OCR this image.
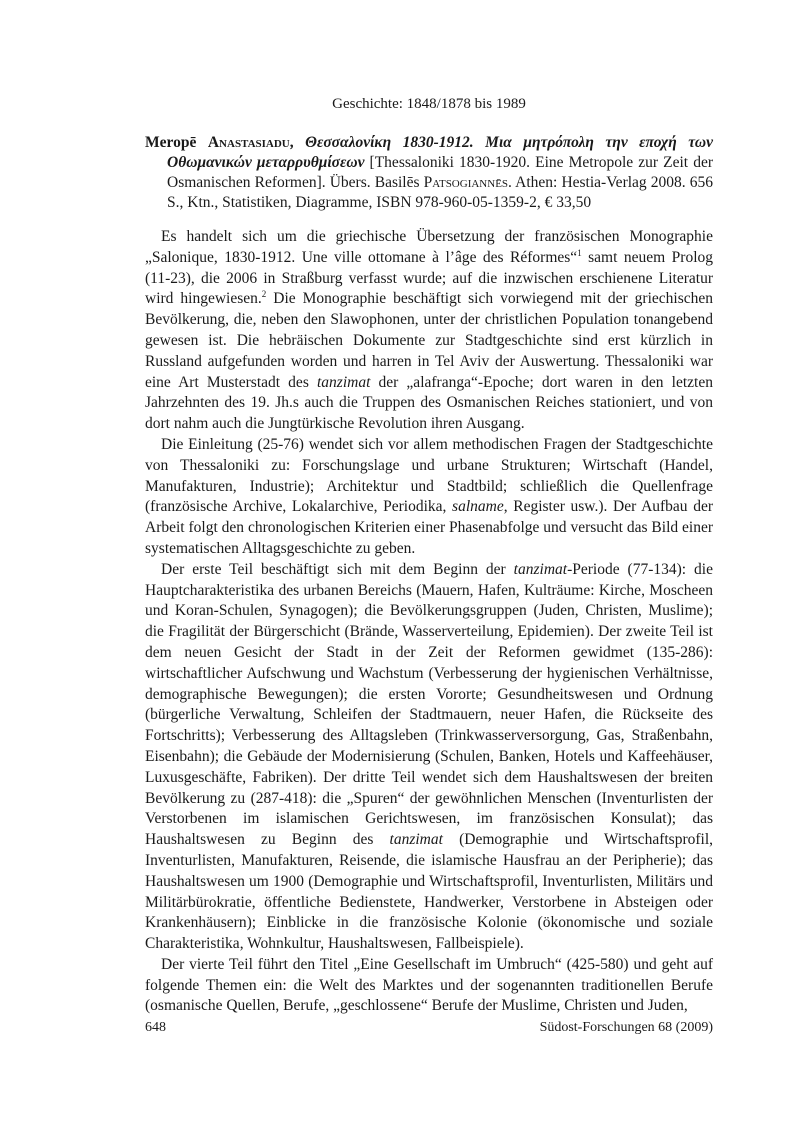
Geschichte: 1848/1878 bis 1989

Meropē Anastasiadu, Θεσσαλονίκη 1830-1912. Μια μητρόπολη την εποχή των Οθωμανικών μεταρρυθμίσεων [Thessaloniki 1830-1920. Eine Metropole zur Zeit der Osmanischen Reformen]. Übers. Basilēs Patsogiannēs. Athen: Hestia-Verlag 2008. 656 S., Ktn., Statistiken, Diagramme, ISBN 978-960-05-1359-2, € 33,50

Es handelt sich um die griechische Übersetzung der französischen Monographie „Salonique, 1830-1912. Une ville ottomane à l’âge des Réformes“$^1$ samt neuem Prolog (11-23), die 2006 in Straßburg verfasst wurde; auf die inzwischen erschienene Literatur wird hingewiesen.$^2$ Die Monographie beschäftigt sich vorwiegend mit der griechischen Bevölkerung, die, neben den Slawophonen, unter der christlichen Population tonangebend gewesen ist. Die hebräischen Dokumente zur Stadtgeschichte sind erst kürzlich in Russland aufgefunden worden und harren in Tel Aviv der Auswertung. Thessaloniki war eine Art Musterstadt des tanzimat der „alafranga“-Epoche; dort waren in den letzten Jahrzehnten des 19. Jh.s auch die Truppen des Osmanischen Reiches stationiert, und von dort nahm auch die Jungtürkische Revolution ihren Ausgang.

Die Einleitung (25-76) wendet sich vor allem methodischen Fragen der Stadtgeschichte von Thessaloniki zu: Forschungslage und urbane Strukturen; Wirtschaft (Handel, Manufakturen, Industrie); Architektur und Stadtbild; schließlich die Quellenfrage (französische Archive, Lokalarchive, Periodika, salname, Register usw.). Der Aufbau der Arbeit folgt den chronologischen Kriterien einer Phasenabfolge und versucht das Bild einer systematischen Alltagsgeschichte zu geben.

Der erste Teil beschäftigt sich mit dem Beginn der tanzimat-Periode (77-134): die Hauptcharakteristika des urbanen Bereichs (Mauern, Hafen, Kulträume: Kirche, Moscheen und Koran-Schulen, Synagogen); die Bevölkerungsgruppen (Juden, Christen, Muslime); die Fragilität der Bürgerschicht (Brände, Wasserverteilung, Epidemien). Der zweite Teil ist dem neuen Gesicht der Stadt in der Zeit der Reformen gewidmet (135-286): wirtschaftlicher Aufschwung und Wachstum (Verbesserung der hygienischen Verhältnisse, demographische Bewegungen); die ersten Vororte; Gesundheitswesen und Ordnung (bürgerliche Verwaltung, Schleifen der Stadtmauern, neuer Hafen, die Rückseite des Fortschritts); Verbesserung des Alltagsleben (Trinkwasserversorgung, Gas, Straßenbahn, Eisenbahn); die Gebäude der Modernisierung (Schulen, Banken, Hotels und Kaffeehäuser, Luxusgeschäfte, Fabriken). Der dritte Teil wendet sich dem Haushaltswesen der breiten Bevölkerung zu (287-418): die „Spuren“ der gewöhnlichen Menschen (Inventurlisten der Verstorbenen im islamischen Gerichtswesen, im französischen Konsulat); das Haushaltswesen zu Beginn des tanzimat (Demographie und Wirtschaftsprofil, Inventurlisten, Manufakturen, Reisende, die islamische Hausfrau an der Peripherie); das Haushaltswesen um 1900 (Demographie und Wirtschaftsprofil, Inventurlisten, Militärs und Militärbürokratie, öffentliche Bedienstete, Handwerker, Verstorbene in Absteigen oder Krankenhäusern); Einblicke in die französische Kolonie (ökonomische und soziale Charakteristika, Wohnkultur, Haushaltswesen, Fallbeispiele).

Der vierte Teil führt den Titel „Eine Gesellschaft im Umbruch“ (425-580) und geht auf folgende Themen ein: die Welt des Marktes und der sogenannten traditionellen Berufe (osmanische Quellen, Berufe, „geschlossene“ Berufe der Muslime, Christen und Juden,

648	Südost-Forschungen 68 (2009)
